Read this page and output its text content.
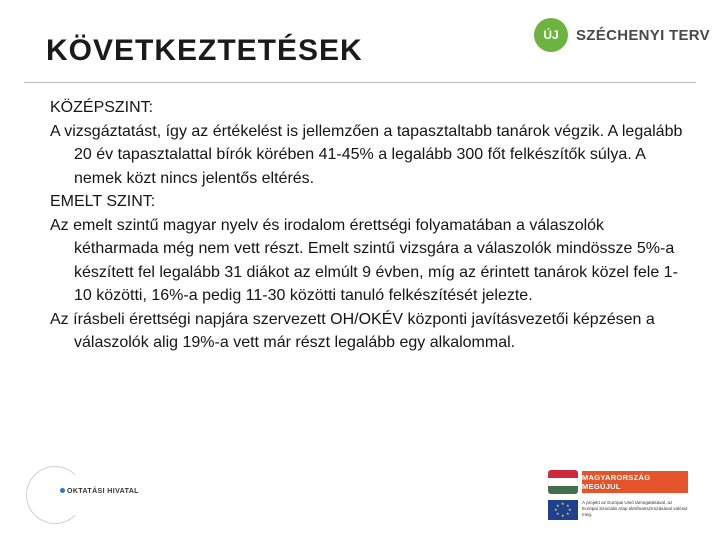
KÖVETKEZTETÉSEK	ÚJ	SZÉCHENYI TERV

KÖZÉPSZINT:

A vizsgáztatást, így az értékelést is jellemzően a tapasztaltabb tanárok végzik. A legalább 20 év tapasztalattal bírók körében 41-45% a legalább 300 főt felkészítők súlya. A nemek közt nincs jelentős eltérés.

EMELT SZINT:

Az emelt szintű magyar nyelv és irodalom érettségi folyamatában a válaszolók kétharmada még nem vett részt. Emelt szintű vizsgára a válaszolók mindössze 5%-a készített fel legalább 31 diákot az elmúlt 9 évben, míg az érintett tanárok közel fele 1-10 közötti, 16%-a pedig 11-30 közötti tanuló felkészítését jelezte.

Az írásbeli érettségi napjára szervezett OH/OKÉV központi javításvezetői képzésen a válaszolók alig 19%-a vett már részt legalább egy alkalommal.

OKTATÁSI HIVATAL
MAGYARORSZÁG MEGÚJUL
★ ★
★
★
★
★
★
★
A projekt az Európai Unió támogatásával, az Európai Szociális Alap társfinanszírozásával valósul meg.
